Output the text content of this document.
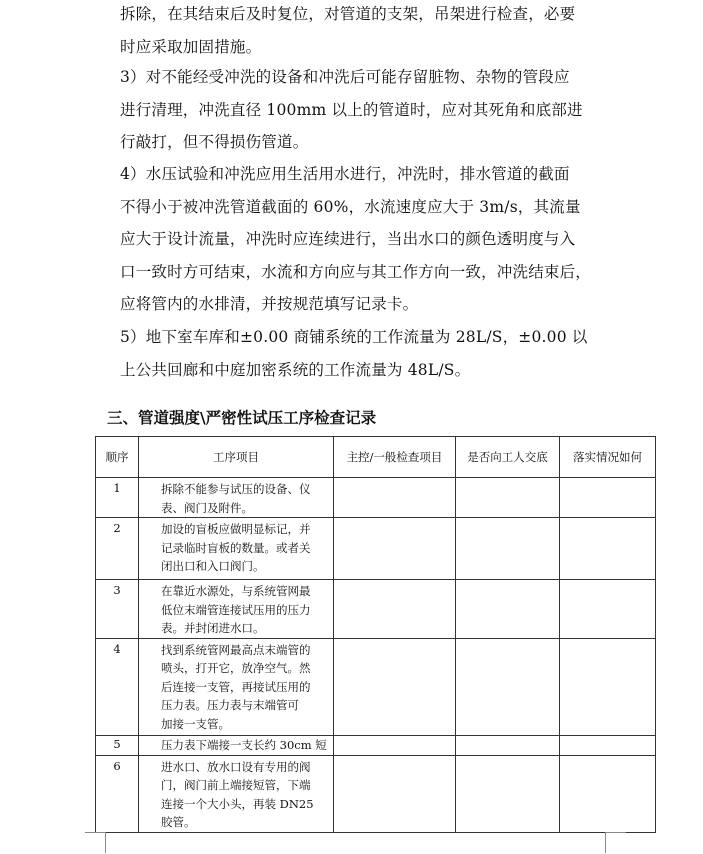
拆除，在其结束后及时复位，对管道的支架，吊架进行检查，必要
时应采取加固措施。
3）对不能经受冲洗的设备和冲洗后可能存留脏物、杂物的管段应
进行清理，冲洗直径 100mm 以上的管道时，应对其死角和底部进
行敲打，但不得损伤管道。
4）水压试验和冲洗应用生活用水进行，冲洗时，排水管道的截面
不得小于被冲洗管道截面的 60%，水流速度应大于 3m/s，其流量
应大于设计流量，冲洗时应连续进行，当出水口的颜色透明度与入
口一致时方可结束，水流和方向应与其工作方向一致，冲洗结束后，
应将管内的水排清，并按规范填写记录卡。
5）地下室车库和±0.00 商铺系统的工作流量为 28L/S，±0.00 以
上公共回廊和中庭加密系统的工作流量为 48L/S。
三、管道强度\严密性试压工序检查记录
顺序	工序项目	主控/一般检查项目	是否向工人交底	落实情况如何
1	拆除不能参与试压的设备、仪
表、阀门及附件。			

2	加设的盲板应做明显标记，并
记录临时盲板的数量。或者关
闭出口和入口阀门。			

3	在靠近水源处，与系统管网最
低位末端管连接试压用的压力
表。并封闭进水口。			

4	找到系统管网最高点末端管的
喷头，打开它，放净空气。然
后连接一支管，再接试压用的
压力表。压力表与末端管可
加接一支管。			

5	压力表下端接一支长约 30cm 短			

6	进水口、放水口设有专用的阀
门，阀门前上端接短管，下端
连接一个大小头，再装 DN25
胶管。			
